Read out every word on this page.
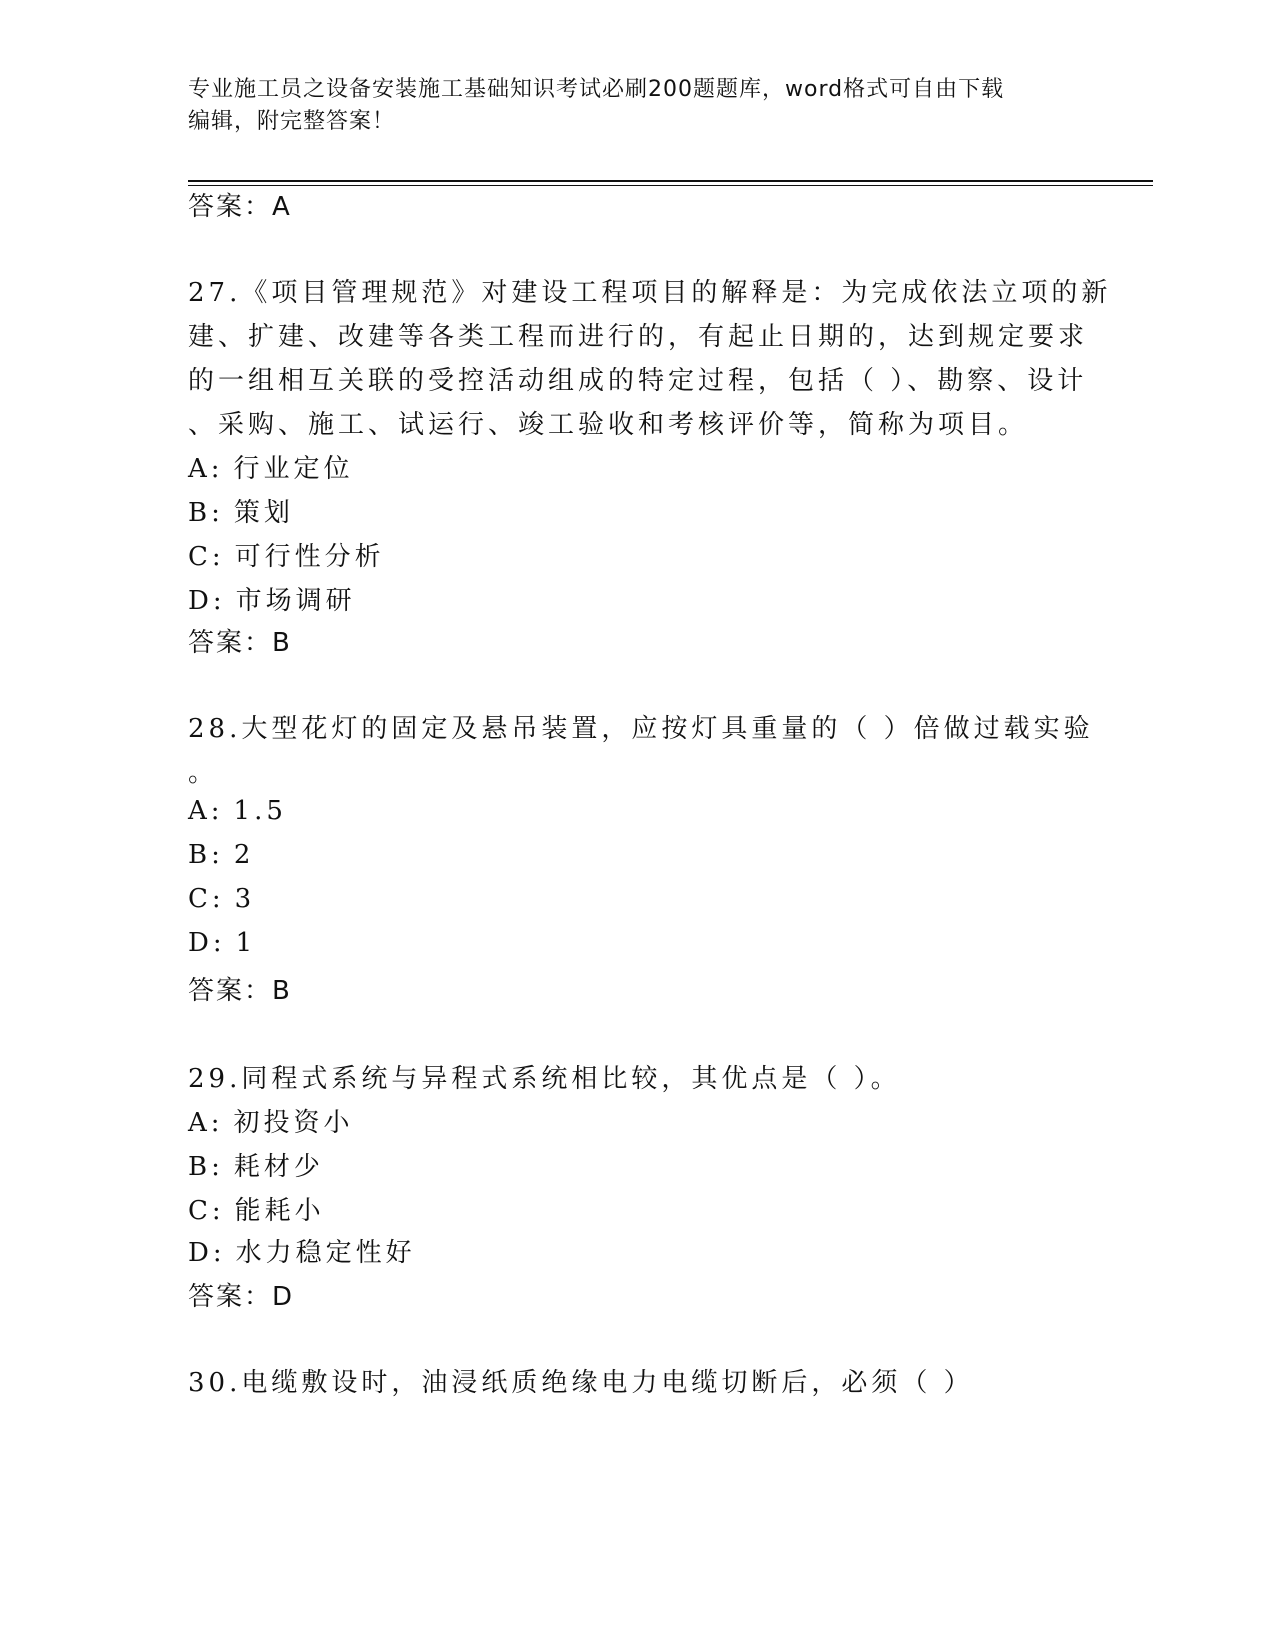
专业施工员之设备安装施工基础知识考试必刷200题题库，word格式可自由下载
编辑，附完整答案！
答案：A
27.《项目管理规范》对建设工程项目的解释是：为完成依法立项的新
建、扩建、改建等各类工程而进行的，有起止日期的，达到规定要求
的一组相互关联的受控活动组成的特定过程，包括（ ）、勘察、设计
、采购、施工、试运行、竣工验收和考核评价等，简称为项目。
A: 行业定位
B: 策划
C: 可行性分析
D: 市场调研
答案：B
28.大型花灯的固定及悬吊装置，应按灯具重量的（ ）倍做过载实验
。
A: 1.5
B: 2
C: 3
D: 1
答案：B
29.同程式系统与异程式系统相比较，其优点是（ ）。
A: 初投资小
B: 耗材少
C: 能耗小
D: 水力稳定性好
答案：D
30.电缆敷设时，油浸纸质绝缘电力电缆切断后，必须（ ）
